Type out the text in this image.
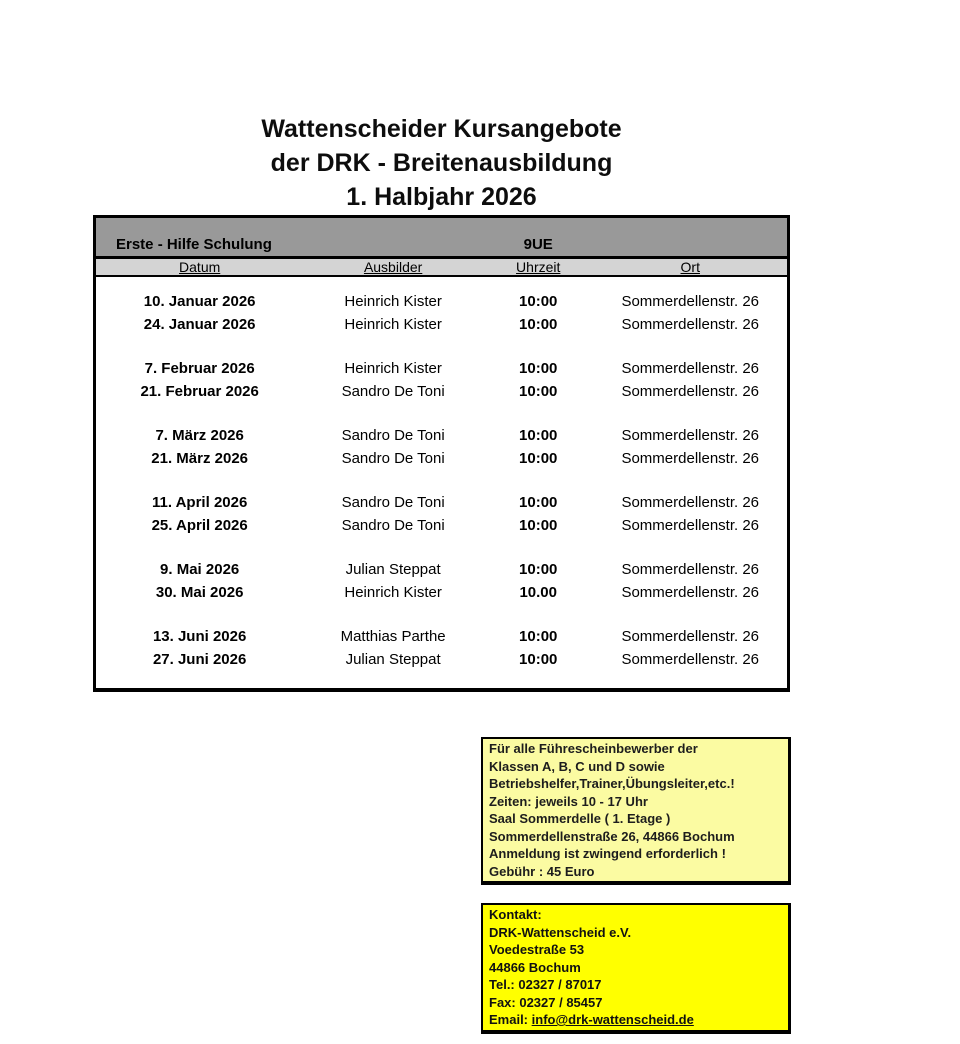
Wattenscheider Kursangebote
der DRK - Breitenausbildung
1. Halbjahr 2026
Erste - Hilfe Schulung		9UE	
Datum	Ausbilder	Uhrzeit	Ort

10. Januar 2026	Heinrich Kister	10:00	Sommerdellenstr. 26
24. Januar 2026	Heinrich Kister	10:00	Sommerdellenstr. 26

7. Februar 2026	Heinrich Kister	10:00	Sommerdellenstr. 26
21. Februar 2026	Sandro De Toni	10:00	Sommerdellenstr. 26

7. März 2026	Sandro De Toni	10:00	Sommerdellenstr. 26
21. März 2026	Sandro De Toni	10:00	Sommerdellenstr. 26

11. April 2026	Sandro De Toni	10:00	Sommerdellenstr. 26
25. April 2026	Sandro De Toni	10:00	Sommerdellenstr. 26

9. Mai 2026	Julian Steppat	10:00	Sommerdellenstr. 26
30. Mai 2026	Heinrich Kister	10.00	Sommerdellenstr. 26

13. Juni 2026	Matthias Parthe	10:00	Sommerdellenstr. 26
27. Juni 2026	Julian Steppat	10:00	Sommerdellenstr. 26
Für alle Führescheinbewerber der
Klassen A, B, C und D sowie
Betriebshelfer,Trainer,Übungsleiter,etc.!
Zeiten: jeweils 10 - 17 Uhr
Saal Sommerdelle ( 1. Etage )
Sommerdellenstraße 26, 44866 Bochum
Anmeldung ist zwingend erforderlich !
Gebühr : 45 Euro
Kontakt:
DRK-Wattenscheid e.V.
Voedestraße 53
44866 Bochum
Tel.: 02327 / 87017
Fax: 02327 / 85457
Email: info@drk-wattenscheid.de
